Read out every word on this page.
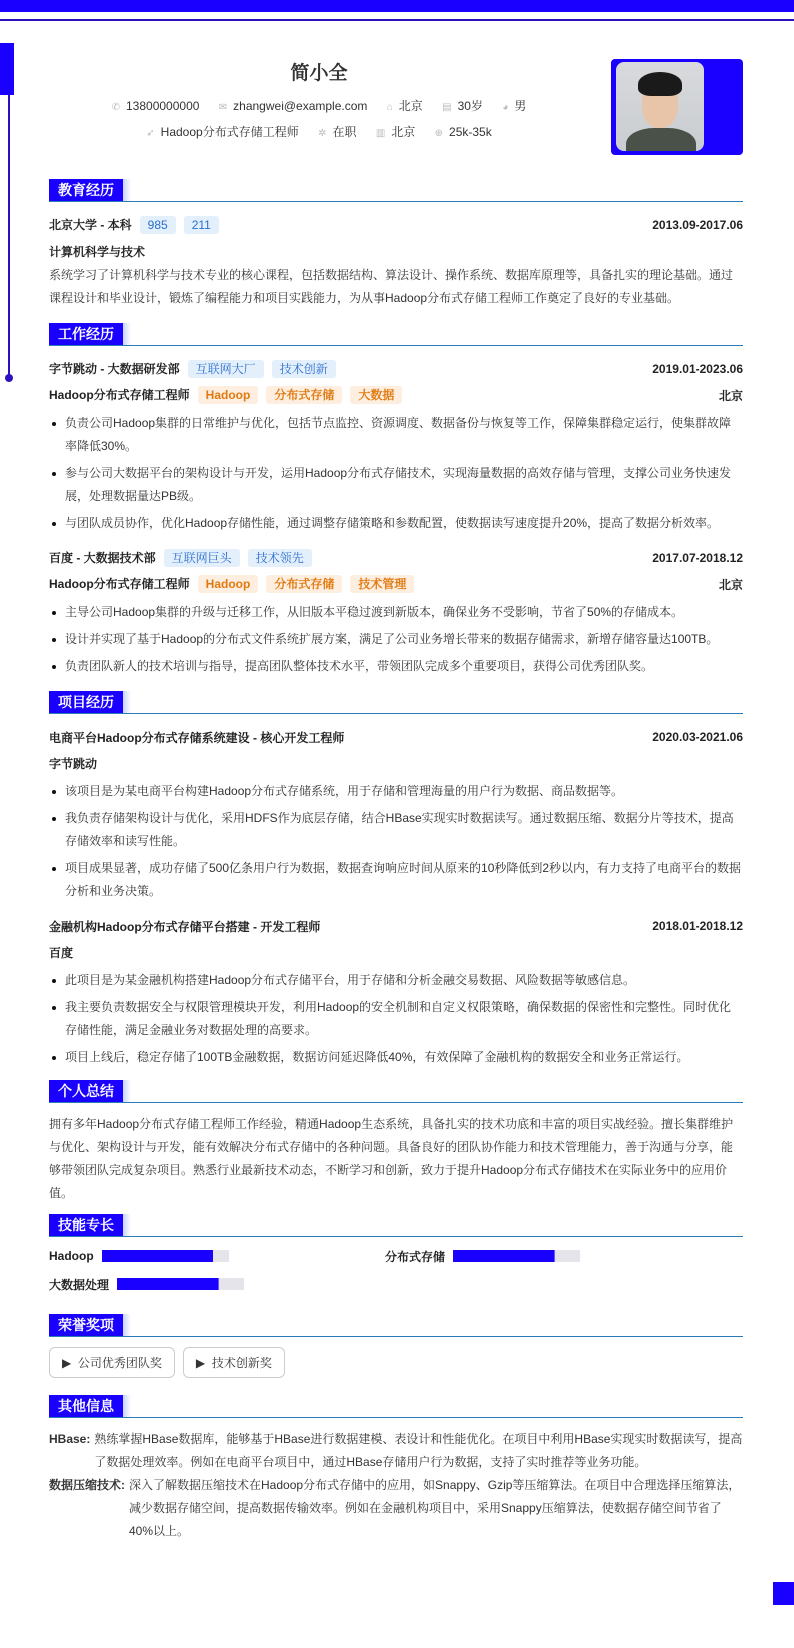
简小全
✆ 13800000000 ✉ zhangwei@example.com ⌂ 北京 ▤ 30岁 ◕ 男
➶ Hadoop分布式存储工程师 ✲ 在职 ▥ 北京 ⊕ 25k-35k
教育经历
北京大学 - 本科 985 211	2013.09-2017.06
计算机科学与技术

系统学习了计算机科学与技术专业的核心课程，包括数据结构、算法设计、操作系统、数据库原理等，具备扎实的理论基础。通过课程设计和毕业设计，锻炼了编程能力和项目实践能力，为从事Hadoop分布式存储工程师工作奠定了良好的专业基础。

工作经历
字节跳动 - 大数据研发部 互联网大厂 技术创新	2019.01-2023.06
Hadoop分布式存储工程师 Hadoop 分布式存储 大数据	北京
负责公司Hadoop集群的日常维护与优化，包括节点监控、资源调度、数据备份与恢复等工作，保障集群稳定运行，使集群故障率降低30%。
参与公司大数据平台的架构设计与开发，运用Hadoop分布式存储技术，实现海量数据的高效存储与管理，支撑公司业务快速发展，处理数据量达PB级。
与团队成员协作，优化Hadoop存储性能，通过调整存储策略和参数配置，使数据读写速度提升20%，提高了数据分析效率。
百度 - 大数据技术部 互联网巨头 技术领先	2017.07-2018.12
Hadoop分布式存储工程师 Hadoop 分布式存储 技术管理	北京
主导公司Hadoop集群的升级与迁移工作，从旧版本平稳过渡到新版本，确保业务不受影响，节省了50%的存储成本。
设计并实现了基于Hadoop的分布式文件系统扩展方案，满足了公司业务增长带来的数据存储需求，新增存储容量达100TB。
负责团队新人的技术培训与指导，提高团队整体技术水平，带领团队完成多个重要项目，获得公司优秀团队奖。
项目经历
电商平台Hadoop分布式存储系统建设 - 核心开发工程师	2020.03-2021.06
字节跳动
该项目是为某电商平台构建Hadoop分布式存储系统，用于存储和管理海量的用户行为数据、商品数据等。
我负责存储架构设计与优化，采用HDFS作为底层存储，结合HBase实现实时数据读写。通过数据压缩、数据分片等技术，提高存储效率和读写性能。
项目成果显著，成功存储了500亿条用户行为数据，数据查询响应时间从原来的10秒降低到2秒以内，有力支持了电商平台的数据分析和业务决策。
金融机构Hadoop分布式存储平台搭建 - 开发工程师	2018.01-2018.12
百度
此项目是为某金融机构搭建Hadoop分布式存储平台，用于存储和分析金融交易数据、风险数据等敏感信息。
我主要负责数据安全与权限管理模块开发，利用Hadoop的安全机制和自定义权限策略，确保数据的保密性和完整性。同时优化存储性能，满足金融业务对数据处理的高要求。
项目上线后，稳定存储了100TB金融数据，数据访问延迟降低40%，有效保障了金融机构的数据安全和业务正常运行。
个人总结

拥有多年Hadoop分布式存储工程师工作经验，精通Hadoop生态系统，具备扎实的技术功底和丰富的项目实战经验。擅长集群维护与优化、架构设计与开发，能有效解决分布式存储中的各种问题。具备良好的团队协作能力和技术管理能力，善于沟通与分享，能够带领团队完成复杂项目。熟悉行业最新技术动态，不断学习和创新，致力于提升Hadoop分布式存储技术在实际业务中的应用价值。

技能专长
Hadoop	分布式存储
大数据处理
荣誉奖项
▶  公司优秀团队奖	▶  技术创新奖
其他信息
HBase: 熟练掌握HBase数据库，能够基于HBase进行数据建模、表设计和性能优化。在项目中利用HBase实现实时数据读写，提高了数据处理效率。例如在电商平台项目中，通过HBase存储用户行为数据，支持了实时推荐等业务功能。
数据压缩技术: 深入了解数据压缩技术在Hadoop分布式存储中的应用，如Snappy、Gzip等压缩算法。在项目中合理选择压缩算法，减少数据存储空间，提高数据传输效率。例如在金融机构项目中，采用Snappy压缩算法，使数据存储空间节省了40%以上。
